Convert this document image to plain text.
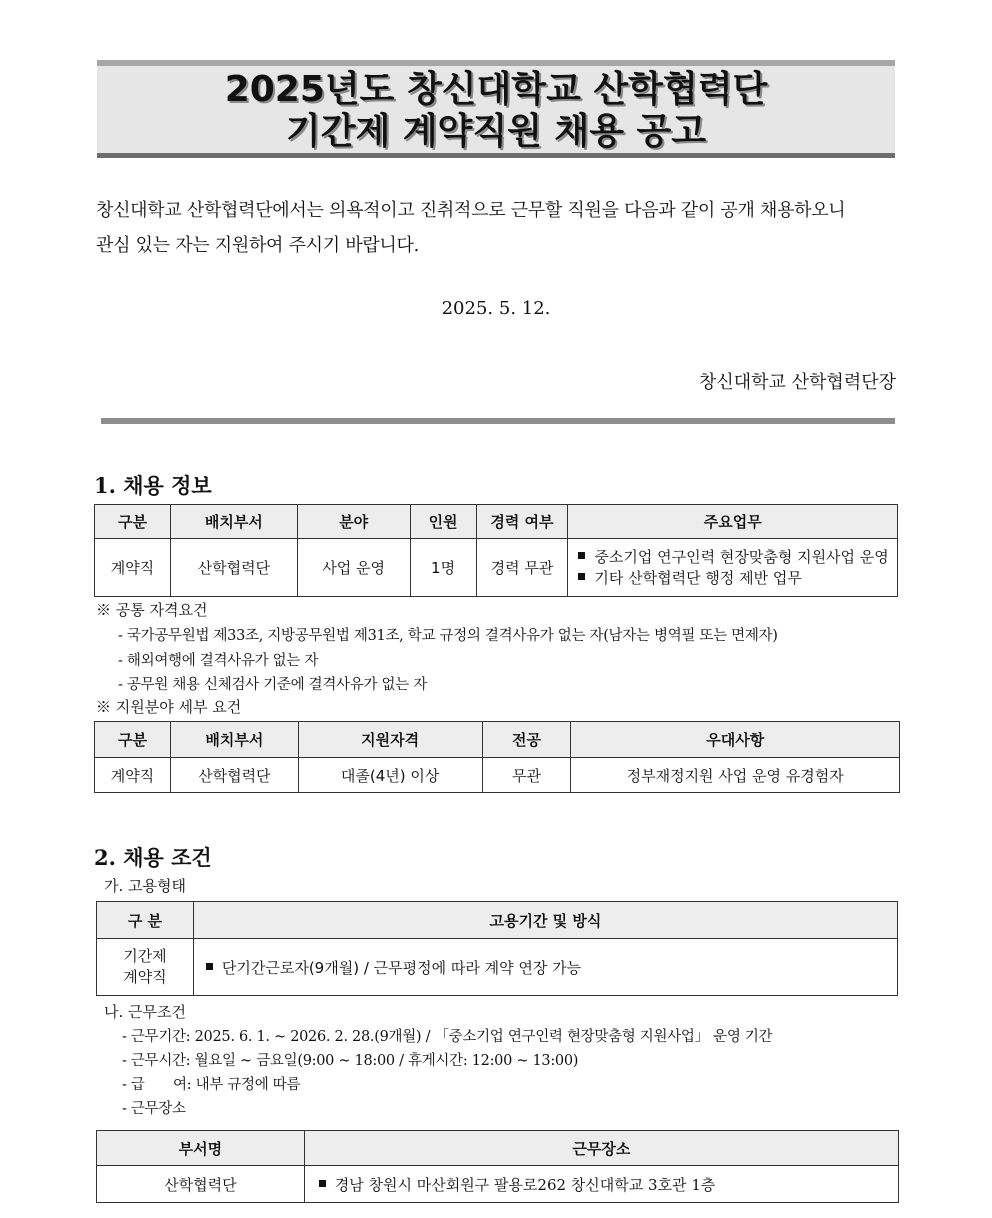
2025년도 창신대학교 산학협력단
기간제 계약직원 채용 공고
창신대학교 산학협력단에서는 의욕적이고 진취적으로 근무할 직원을 다음과 같이 공개 채용하오니
관심 있는 자는 지원하여 주시기 바랍니다.
2025. 5. 12.
창신대학교 산학협력단장
1. 채용 정보
구분	배치부서	분야	인원	경력 여부	주요업무
계약직	산학협력단	사업 운영	1명	경력 무관	중소기업 연구인력 현장맞춤형 지원사업 운영
기타 산학협력단 행정 제반 업무
※ 공통 자격요건
- 국가공무원법 제33조, 지방공무원법 제31조, 학교 규정의 결격사유가 없는 자(남자는 병역필 또는 면제자)
- 해외여행에 결격사유가 없는 자
- 공무원 채용 신체검사 기준에 결격사유가 없는 자
※ 지원분야 세부 요건
구분	배치부서	지원자격	전공	우대사항
계약직	산학협력단	대졸(4년) 이상	무관	정부재정지원 사업 운영 유경험자
2. 채용 조건
가. 고용형태
구 분	고용기간 및 방식

기간제
계약직	단기간근로자(9개월) / 근무평정에 따라 계약 연장 가능
나. 근무조건
- 근무기간: 2025. 6. 1. ~ 2026. 2. 28.(9개월) / 「중소기업 연구인력 현장맞춤형 지원사업」 운영 기간
- 근무시간: 월요일 ~ 금요일(9:00 ~ 18:00 / 휴게시간: 12:00 ~ 13:00)
- 급　　여: 내부 규정에 따름
- 근무장소
부서명	근무장소
산학협력단	경남 창원시 마산회원구 팔용로262 창신대학교 3호관 1층
